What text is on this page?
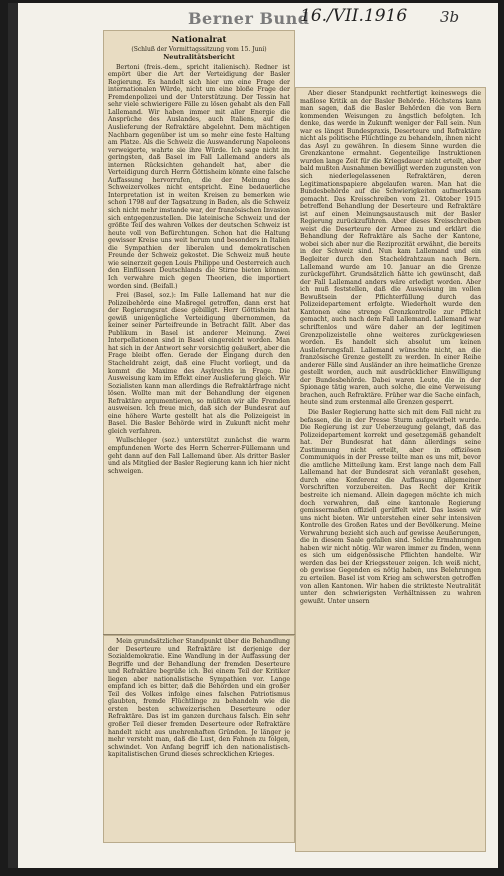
Berner Bund
16./VII.1916 3b
Nationalrat
(Schluß der Vormittagssitzung vom 15. Juni)
Neutralitätsbericht

Bertoni (freis.-dem., spricht italienisch). Redner ist empört über die Art der Verteidigung der Basler Regierung. Es handelt sich hier um eine Frage der internationalen Würde, nicht um eine bloße Frage der Fremdenpolizei und der Unterstützung. Der Tessin hat sehr viele schwierigere Fälle zu lösen gehabt als den Fall Lallemand. Wir haben immer mit aller Energie die Ansprüche des Auslandes, auch Italiens, auf die Auslieferung der Refraktäre abgelehnt. Dem mächtigen Nachbarn gegenüber ist um so mehr eine feste Haltung am Platze. Als die Schweiz die Auswanderung Napoleons verweigerte, wahrte sie ihre Würde. Ich sage nicht im geringsten, daß Basel im Fall Lallemand anders als internen Rücksichten gehandelt hat, aber die Verteidigung durch Herrn Göttisheim könnte eine falsche Auffassung hervorrufen, die der Meinung des Schweizervolkes nicht entspricht. Eine bedauerliche Interpretation ist in weiten Kreisen zu bemerken wie schon 1798 auf der Tagsatzung in Baden, als die Schweiz sich nicht mehr imstande war, der französischen Invasion sich entgegenzustellen. Die lateinische Schweiz und der größte Teil des wahren Volkes der deutschen Schweiz ist heute voll von Befürchtungen. Schon hat die Haltung gewisser Kreise uns weit herum und besonders in Italien die Sympathien der liberalen und demokratischen Freunde der Schweiz gekostet. Die Schweiz muß heute wie seinerzeit gegen Louis Philippe und Oesterreich auch den Einflüssen Deutschlands die Stirne bieten können. Ich verwahre mich gegen Theorien, die importiert worden sind. (Beifall.)

Frei (Basel, soz.): Im Falle Lallemand hat nur die Polizeibehörde eine Maßregel getroffen, dann erst hat der Regierungsrat diese gebilligt. Herr Göttisheim hat gewiß unigenügliche Verteidigung übernommen, da keiner seiner Parteifreunde in Betracht fällt. Aber das Publikum in Basel ist anderer Meinung. Zwei Interpellationen sind in Basel eingereicht worden. Man hat sich in der Antwort sehr vorsichtig geäußert, aber die Frage bleibt offen. Gerade der Eingang durch den Stacheldraht zeigt, daß eine Flucht vorliegt, und da kommt die Maxime des Asylrechts in Frage. Die Ausweisung kam im Effekt einer Auslieferung gleich. Wir Sozialisten kann man allerdings die Refraktärfrage nicht lösen. Wollte man mit der Behandlung der eigenen Refraktäre argumentieren, so müßten wir alle Fremden ausweisen. Ich freue mich, daß sich der Bundesrat auf eine höhere Warte gestellt hat als die Polizeigeist in Basel. Die Basler Behörde wird in Zukunft nicht mehr gleich verfahren.

Wullschleger (soz.) unterstützt zunächst die warm empfundenen Worte des Herrn Scherrer-Füllemann und geht dann auf den Fall Lallemand über. Als dritter Basler und als Mitglied der Basler Regierung kann ich hier nicht schweigen.

Mein grundsätzlicher Standpunkt über die Behandlung der Deserteure und Refraktäre ist derjenige der Sozialdemokratie. Eine Wandlung in der Auffassung der Begriffe und der Behandlung der fremden Deserteure und Refraktäre begrüße ich. Bei einem Teil der Kritiker liegen aber nationalistische Sympathien vor. Lange empfand ich es bitter, daß die Behörden und ein großer Teil des Volkes infolge eines falschen Patriotismus glaubten, fremde Flüchtlinge zu behandeln wie die ersten besten schweizerischen Deserteure oder Refraktäre. Das ist im ganzen durchaus falsch. Ein sehr großer Teil dieser fremden Deserteure oder Refraktäre handelt nicht aus unehrenhaften Gründen. Je länger je mehr versteht man, daß die Lust, den Fahnen zu folgen, schwindet. Von Anfang begriff ich den nationalistisch-kapitalistischen Grund dieses schrecklichen Krieges.

Aber dieser Standpunkt rechtfertigt keineswegs die maßlose Kritik an der Basler Behörde. Höchstens kann man sagen, daß die Basler Behörden die von Bern kommenden Weisungen zu ängstlich befolgten. Ich denke, das werde in Zukunft weniger der Fall sein. Nun war es längst Bundespraxis, Deserteure und Refraktäre nicht als politische Flüchtlinge zu behandeln, ihnen nicht das Asyl zu gewähren. In diesem Sinne wurden die Grenzkantone ermahnt. Gegenteilige Instruktionen wurden lange Zeit für die Kriegsdauer nicht erteilt, aber bald mußten Ausnahmen bewilligt werden zugunsten von sich niederlegelassenen Refraktären, deren Legitimationspapiere abgelaufen waren. Man hat die Bundesbehörde auf die Schwierigkeiten aufmerksam gemacht. Das Kreisschreiben vom 21. Oktober 1915 betreffend Behandlung der Deserteure und Refraktäre ist auf einen Meinungsaustausch mit der Basler Regierung zurückzuführen. Aber dieses Kreisschreiben weist die Deserteure der Armee zu und erklärt die Behandlung der Refraktäre als Sache der Kantone, wobei sich aber nur die Reziprozität erwähnt, die bereits in der Schweiz sind. Nun kam Lallemand und ein Begleiter durch den Stacheldrahtzaun nach Bern. Lallemand wurde am 10. Januar an die Grenze zurückgeführt. Grundsätzlich hätte ich gewünscht, daß der Fall Lallemand anders wäre erledigt worden. Aber ich muß feststellen, daß die Ausweisung im vollen Bewußtsein der Pflichterfüllung durch das Polizeidepartement erfolgte. Wiederholt wurde den Kantonen eine strenge Grenzkontrolle zur Pflicht gemacht, auch nach dem Fall Lallemand. Lallemand war schriftenlos und wäre daher an der legitimen Grenzpolizeistelle ohne weiteres zurückgewiesen worden. Es handelt sich absolut um keinen Auslieferungsfall. Lallemand wünschte nicht, an die französische Grenze gestellt zu werden. In einer Reihe anderer Fälle sind Ausländer an ihre heimatliche Grenze gestellt worden, auch mit ausdrücklicher Einwilligung der Bundesbehörde. Dabei waren Leute, die in der Spionage tätig waren, auch solche, die eine Verweisung brachen, auch Refraktäre. Früher war die Sache einfach, heute sind zum erstenmal alle Grenzen gesperrt.

Die Basler Regierung hatte sich mit dem Fall nicht zu befassen, die in der Presse Sturm aufgewirbelt wurde. Die Regierung ist zur Ueberzeugung gelangt, daß das Polizeidepartement korrekt und gesetzgemäß gehandelt hat. Der Bundesrat hat dann allerdings seine Zustimmung nicht erteilt, aber in offiziösen Communiqués in der Presse teilte man es uns mit, bevor die amtliche Mitteilung kam. Erst lange nach dem Fall Lallemand hat der Bundesrat sich veranlaßt gesehen, durch eine Konferenz die Auffassung allgemeiner Vorschriften vorzubereiten. Das Recht der Kritik bestreite ich niemand. Allein dagegen möchte ich mich doch verwahren, daß eine kantonale Regierung gemissermaßen offiziell gerüffelt wird. Das lassen wir uns nicht bieten. Wir unterstehen einer sehr intensiven Kontrolle des Großen Rates und der Bevölkerung. Meine Verwahrung bezieht sich auch auf gewisse Aeußerungen, die in diesem Saale gefallen sind. Solche Ermahnungen haben wir nicht nötig. Wir waren immer zu finden, wenn es sich um eidgenössische Pflichten handelte. Wir werden das bei der Kriegssteuer zeigen. Ich weiß nicht, ob gewisse Gegenden es nötig haben, uns Belehrungen zu erteilen. Basel ist vom Krieg am schwersten getroffen von allen Kantonen. Wir haben die strikteste Neutralität unter den schwierigsten Verhältnissen zu wahren gewußt. Unter unsern
